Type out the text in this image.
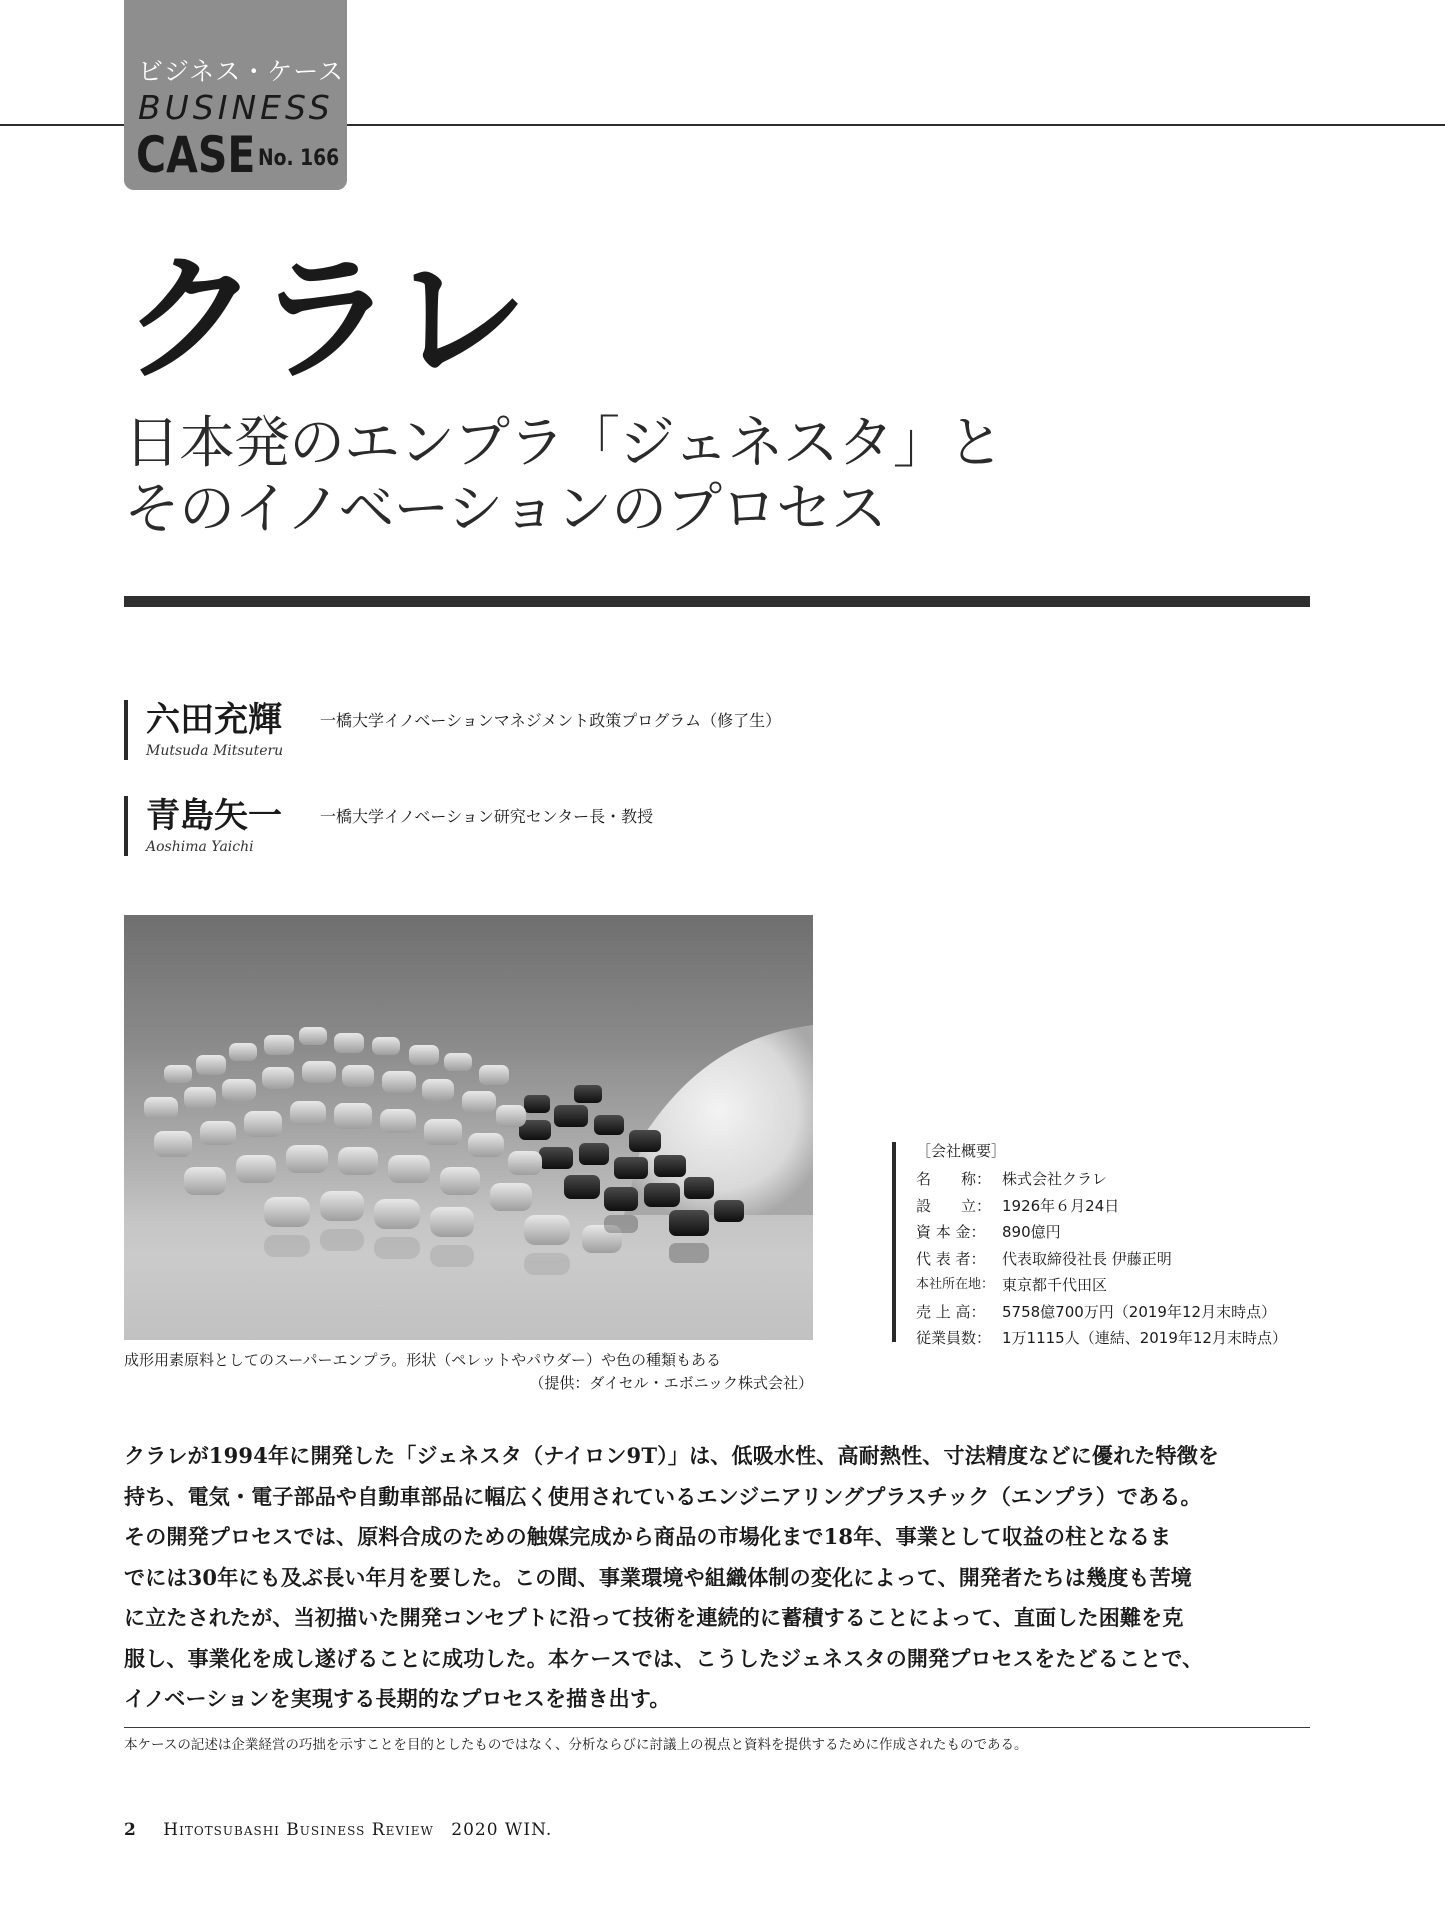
ビジネス・ケース
BUSINESS
CASE No. 166
クラレ
日本発のエンプラ「ジェネスタ」と
そのイノベーションのプロセス
六田充輝 一橋大学イノベーションマネジメント政策プログラム（修了生）
Mutsuda Mitsuteru
青島矢一 一橋大学イノベーション研究センター長・教授
Aoshima Yaichi
成形用素原料としてのスーパーエンプラ。形状（ペレットやパウダー）や色の種類もある
（提供：ダイセル・エボニック株式会社）
［会社概要］
名　　称： 株式会社クラレ
設　　立： 1926年６月24日
資 本 金：	890億円
代 表 者：	代表取締役社長 伊藤正明
本社所在地： 東京都千代田区
売 上 高：	5758億700万円（2019年12月末時点）
従業員数： 1万1115人（連結、2019年12月末時点）
クラレが1994年に開発した「ジェネスタ（ナイロン9T）」は、低吸水性、高耐熱性、寸法精度などに優れた特徴を
持ち、電気・電子部品や自動車部品に幅広く使用されているエンジニアリングプラスチック（エンプラ）である。
その開発プロセスでは、原料合成のための触媒完成から商品の市場化まで18年、事業として収益の柱となるま
でには30年にも及ぶ長い年月を要した。この間、事業環境や組織体制の変化によって、開発者たちは幾度も苦境
に立たされたが、当初描いた開発コンセプトに沿って技術を連続的に蓄積することによって、直面した困難を克
服し、事業化を成し遂げることに成功した。本ケースでは、こうしたジェネスタの開発プロセスをたどることで、
イノベーションを実現する長期的なプロセスを描き出す。
本ケースの記述は企業経営の巧拙を示すことを目的としたものではなく、分析ならびに討議上の視点と資料を提供するために作成されたものである。
2 Hitotsubashi Business Review 2020 WIN.
